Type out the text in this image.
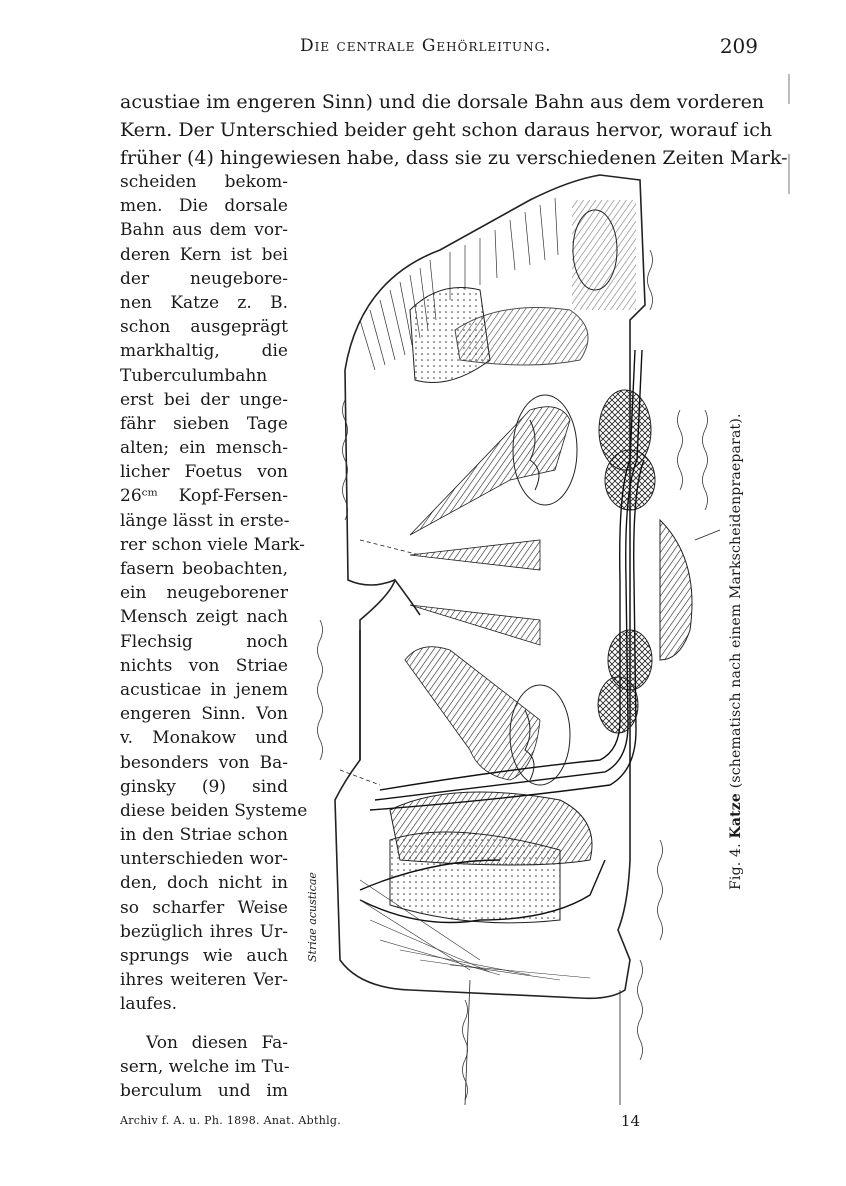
Die centrale Gehörleitung.	209
acustiae im engeren Sinn) und die dorsale Bahn aus dem vorderen
Kern. Der Unterschied beider geht schon daraus hervor, worauf ich
früher (4) hingewiesen habe, dass sie zu verschiedenen Zeiten Mark-
scheiden bekom-
men. Die dorsale
Bahn aus dem vor-
deren Kern ist bei
der neugebore-
nen Katze z. B.
schon ausgeprägt
markhaltig, die
Tuberculumbahn
erst bei der unge-
fähr sieben Tage
alten; ein mensch-
licher Foetus von
26ᶜᵐ Kopf-Fersen-
länge lässt in erste-
rer schon viele Mark-
fasern beobachten,
ein neugeborener
Mensch zeigt nach
Flechsig noch
nichts von Striae
acusticae in jenem
engeren Sinn. Von
v. Monakow und
besonders von Ba-
ginsky (9) sind
diese beiden Systeme
in den Striae schon
unterschieden wor-
den, doch nicht in
so scharfer Weise
bezüglich ihres Ur-
sprungs wie auch
ihres weiteren Ver-
laufes.
Von diesen Fa-
sern, welche im Tu-
berculum und im
Striae acusticae
Fig. 4. Katze (schematisch nach einem Markscheidenpraeparat).
Archiv f. A. u. Ph. 1898. Anat. Abthlg.	14
